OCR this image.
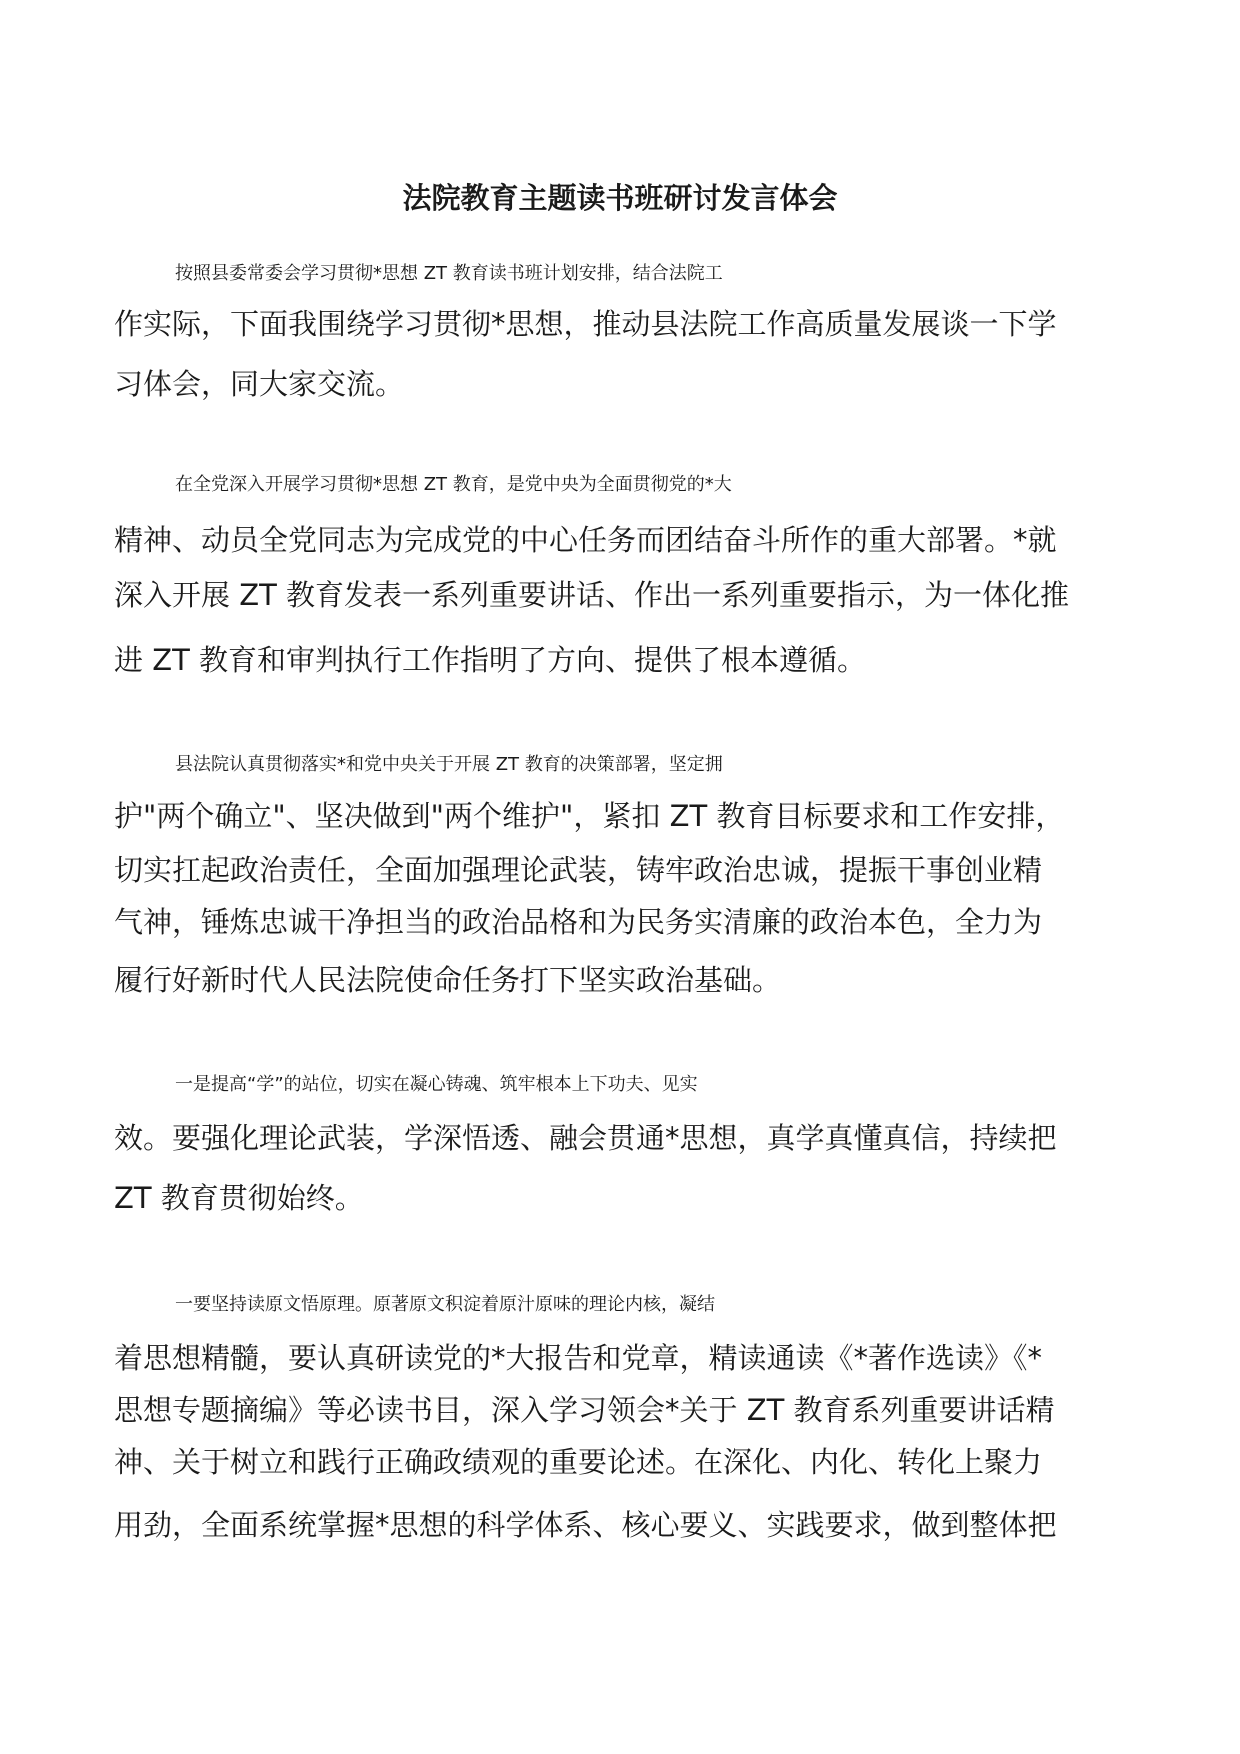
法院教育主题读书班研讨发言体会
按照县委常委会学习贯彻*思想 ZT 教育读书班计划安排，结合法院工
作实际，下面我围绕学习贯彻*思想，推动县法院工作高质量发展谈一下学
习体会，同大家交流。
在全党深入开展学习贯彻*思想 ZT 教育，是党中央为全面贯彻党的*大
精神、动员全党同志为完成党的中心任务而团结奋斗所作的重大部署。*就
深入开展 ZT 教育发表一系列重要讲话、作出一系列重要指示，为一体化推
进 ZT 教育和审判执行工作指明了方向、提供了根本遵循。
县法院认真贯彻落实*和党中央关于开展 ZT 教育的决策部署，坚定拥
护"两个确立"、坚决做到"两个维护"，紧扣 ZT 教育目标要求和工作安排，
切实扛起政治责任，全面加强理论武装，铸牢政治忠诚，提振干事创业精
气神，锤炼忠诚干净担当的政治品格和为民务实清廉的政治本色，全力为
履行好新时代人民法院使命任务打下坚实政治基础。
一是提高“学”的站位，切实在凝心铸魂、筑牢根本上下功夫、见实
效。要强化理论武装，学深悟透、融会贯通*思想，真学真懂真信，持续把
ZT 教育贯彻始终。
一要坚持读原文悟原理。原著原文积淀着原汁原味的理论内核，凝结
着思想精髓，要认真研读党的*大报告和党章，精读通读《*著作选读》《*
思想专题摘编》等必读书目，深入学习领会*关于 ZT 教育系列重要讲话精
神、关于树立和践行正确政绩观的重要论述。在深化、内化、转化上聚力
用劲，全面系统掌握*思想的科学体系、核心要义、实践要求，做到整体把
